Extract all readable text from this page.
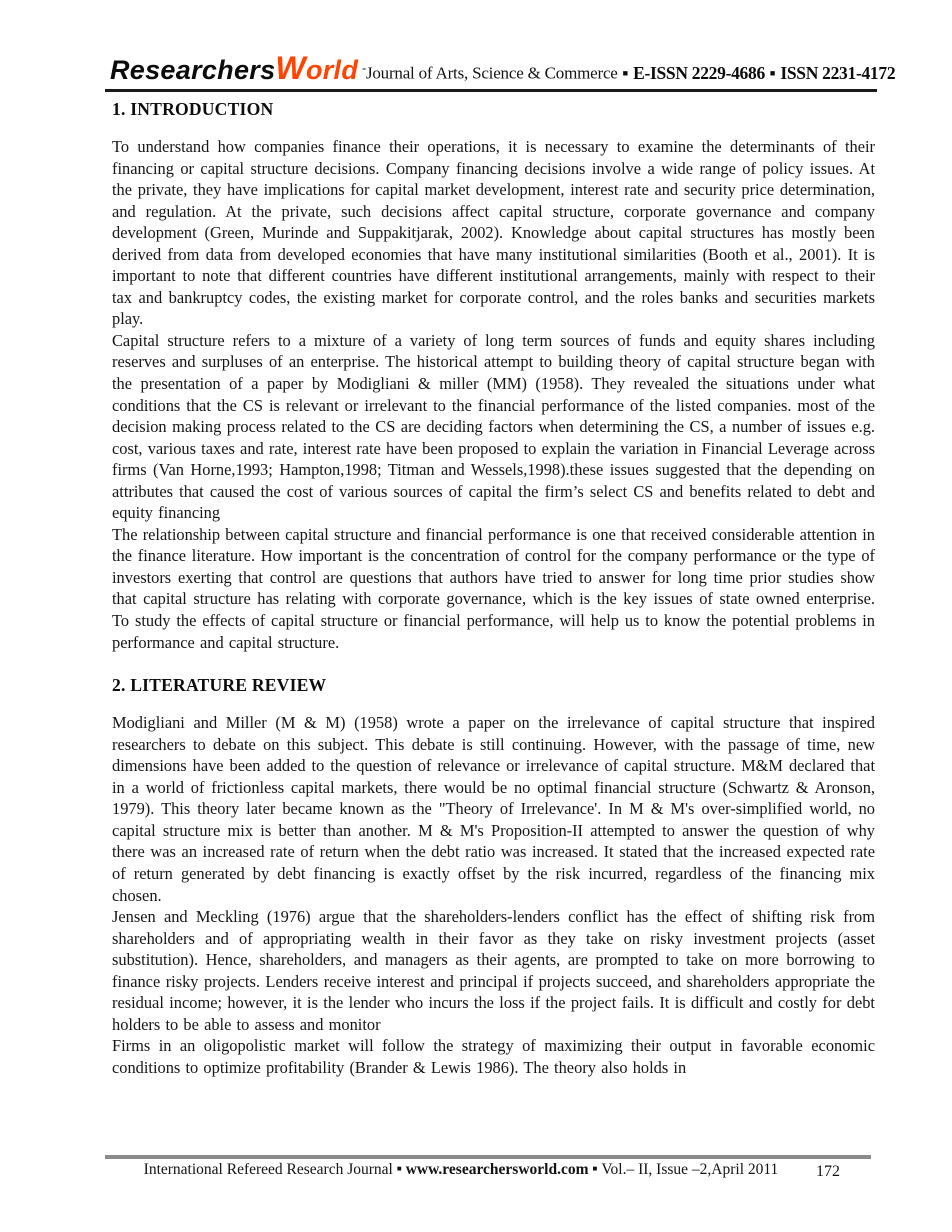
ResearchersWorld -Journal of Arts, Science & Commerce ■ E-ISSN 2229-4686 ■ ISSN 2231-4172
1. INTRODUCTION

To understand how companies finance their operations, it is necessary to examine the determinants of their financing or capital structure decisions. Company financing decisions involve a wide range of policy issues. At the private, they have implications for capital market development, interest rate and security price determination, and regulation. At the private, such decisions affect capital structure, corporate governance and company development (Green, Murinde and Suppakitjarak, 2002). Knowledge about capital structures has mostly been derived from data from developed economies that have many institutional similarities (Booth et al., 2001). It is important to note that different countries have different institutional arrangements, mainly with respect to their tax and bankruptcy codes, the existing market for corporate control, and the roles banks and securities markets play.

Capital structure refers to a mixture of a variety of long term sources of funds and equity shares including reserves and surpluses of an enterprise. The historical attempt to building theory of capital structure began with the presentation of a paper by Modigliani & miller (MM) (1958). They revealed the situations under what conditions that the CS is relevant or irrelevant to the financial performance of the listed companies. most of the decision making process related to the CS are deciding factors when determining the CS, a number of issues e.g. cost, various taxes and rate, interest rate have been proposed to explain the variation in Financial Leverage across firms (Van Horne,1993; Hampton,1998; Titman and Wessels,1998).these issues suggested that the depending on attributes that caused the cost of various sources of capital the firm’s select CS and benefits related to debt and equity financing

The relationship between capital structure and financial performance is one that received considerable attention in the finance literature. How important is the concentration of control for the company performance or the type of investors exerting that control are questions that authors have tried to answer for long time prior studies show that capital structure has relating with corporate governance, which is the key issues of state owned enterprise. To study the effects of capital structure or financial performance, will help us to know the potential problems in performance and capital structure.

2. LITERATURE REVIEW

Modigliani and Miller (M & M) (1958) wrote a paper on the irrelevance of capital structure that inspired researchers to debate on this subject. This debate is still continuing. However, with the passage of time, new dimensions have been added to the question of relevance or irrelevance of capital structure. M&M declared that in a world of frictionless capital markets, there would be no optimal financial structure (Schwartz & Aronson, 1979). This theory later became known as the "Theory of Irrelevance'. In M & M's over-simplified world, no capital structure mix is better than another. M & M's Proposition-II attempted to answer the question of why there was an increased rate of return when the debt ratio was increased. It stated that the increased expected rate of return generated by debt financing is exactly offset by the risk incurred, regardless of the financing mix chosen.

Jensen and Meckling (1976) argue that the shareholders-lenders conflict has the effect of shifting risk from shareholders and of appropriating wealth in their favor as they take on risky investment projects (asset substitution). Hence, shareholders, and managers as their agents, are prompted to take on more borrowing to finance risky projects. Lenders receive interest and principal if projects succeed, and shareholders appropriate the residual income; however, it is the lender who incurs the loss if the project fails. It is difficult and costly for debt holders to be able to assess and monitor

Firms in an oligopolistic market will follow the strategy of maximizing their output in favorable economic conditions to optimize profitability (Brander & Lewis 1986). The theory also holds in

International Refereed Research Journal ■ www.researchersworld.com ■ Vol.– II, Issue –2,April 2011	172
